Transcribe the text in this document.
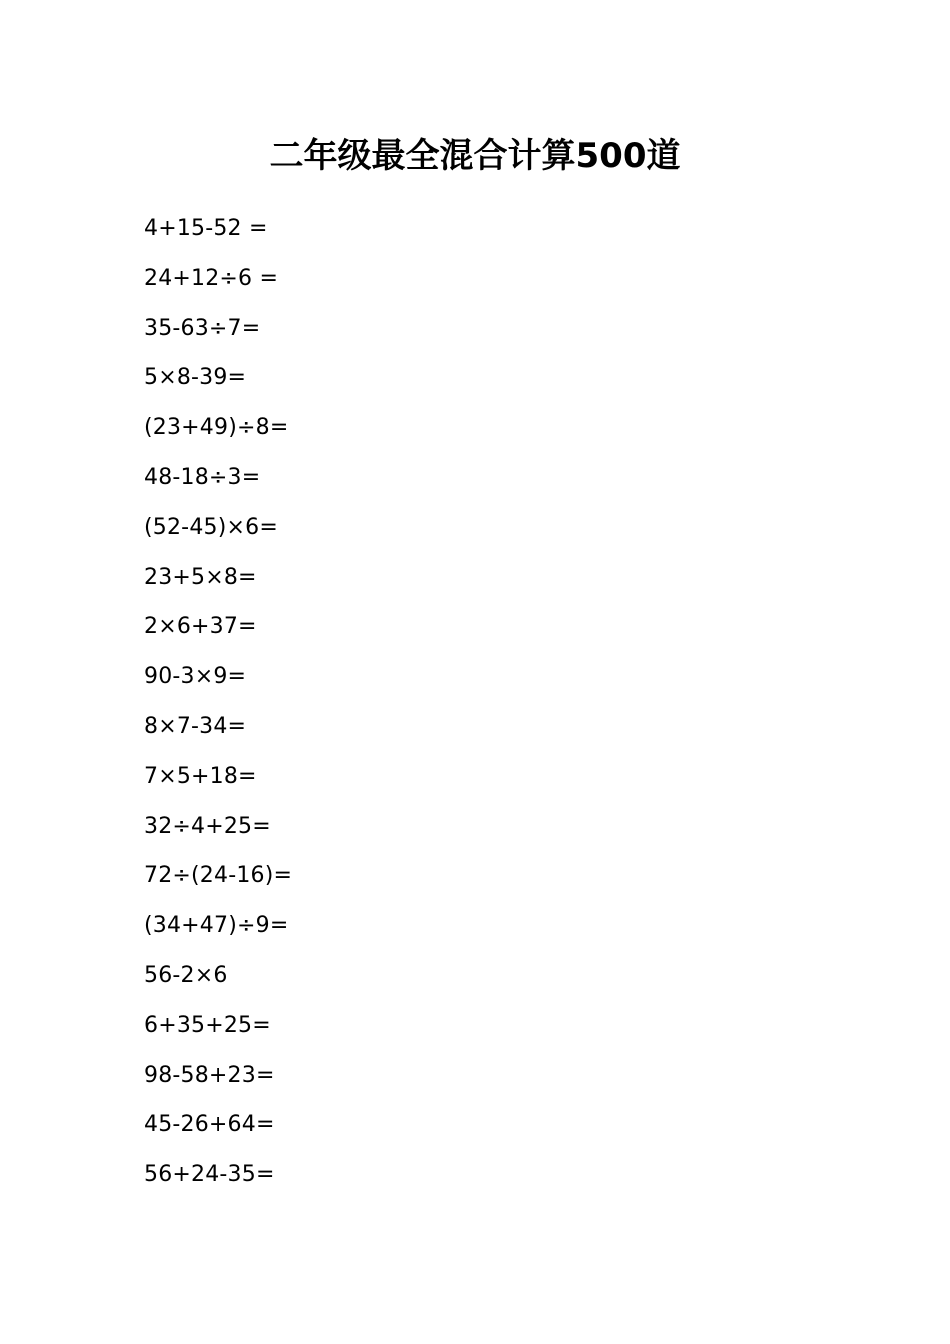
二年级最全混合计算500道
4+15-52 =
24+12÷6 =
35-63÷7=
5×8-39=
(23+49)÷8=
48-18÷3=
(52-45)×6=
23+5×8=
2×6+37=
90-3×9=
8×7-34=
7×5+18=
32÷4+25=
72÷(24-16)=
(34+47)÷9=
56-2×6
6+35+25=
98-58+23=
45-26+64=
56+24-35=
